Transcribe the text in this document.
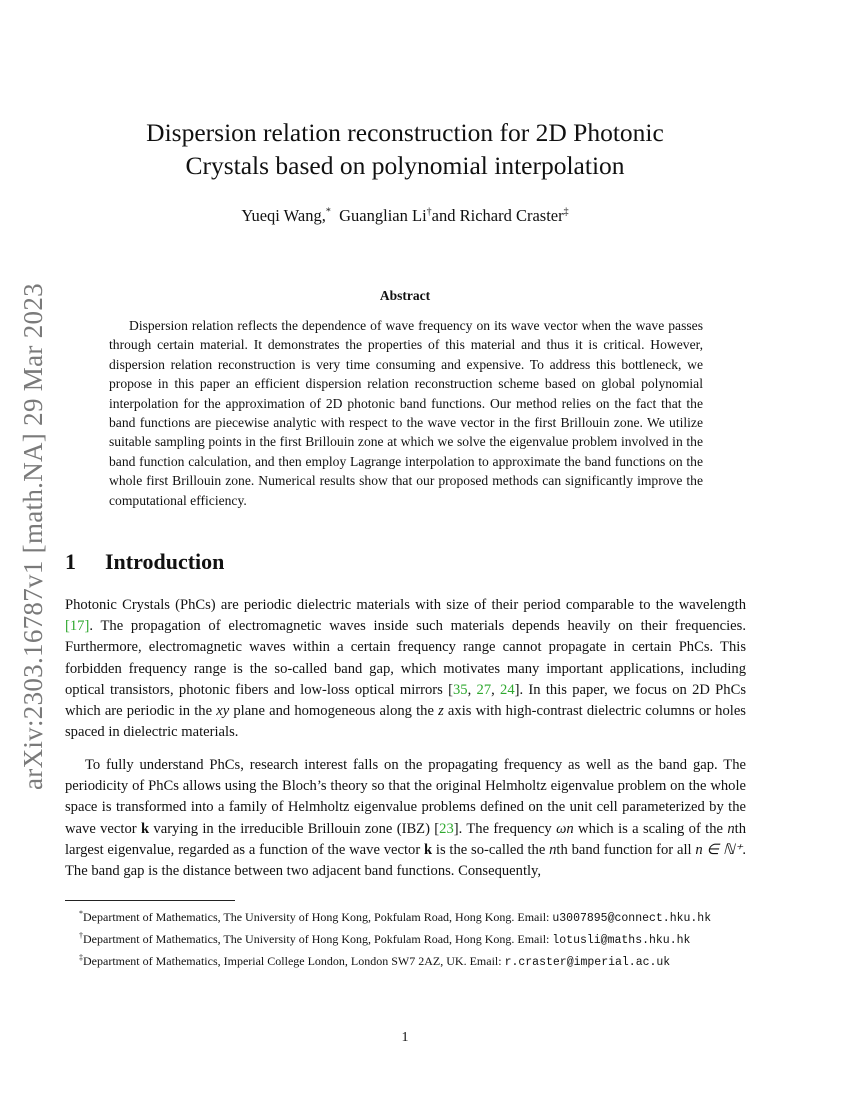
arXiv:2303.16787v1 [math.NA] 29 Mar 2023
Dispersion relation reconstruction for 2D Photonic
Crystals based on polynomial interpolation
Yueqi Wang,* Guanglian Li†and Richard Craster‡
Abstract
Dispersion relation reflects the dependence of wave frequency on its wave vector when the wave passes through certain material. It demonstrates the properties of this material and thus it is critical. However, dispersion relation reconstruction is very time consuming and expensive. To address this bottleneck, we propose in this paper an efficient dispersion relation reconstruction scheme based on global polynomial interpolation for the approximation of 2D photonic band functions. Our method relies on the fact that the band functions are piecewise analytic with respect to the wave vector in the first Brillouin zone. We utilize suitable sampling points in the first Brillouin zone at which we solve the eigenvalue problem involved in the band function calculation, and then employ Lagrange interpolation to approximate the band functions on the whole first Brillouin zone. Numerical results show that our proposed methods can significantly improve the computational efficiency.
1 Introduction
Photonic Crystals (PhCs) are periodic dielectric materials with size of their period comparable to the wavelength [17]. The propagation of electromagnetic waves inside such materials depends heavily on their frequencies. Furthermore, electromagnetic waves within a certain frequency range cannot propagate in certain PhCs. This forbidden frequency range is the so-called band gap, which motivates many important applications, including optical transistors, photonic fibers and low-loss optical mirrors [35, 27, 24]. In this paper, we focus on 2D PhCs which are periodic in the xy plane and homogeneous along the z axis with high-contrast dielectric columns or holes spaced in dielectric materials.
To fully understand PhCs, research interest falls on the propagating frequency as well as the band gap. The periodicity of PhCs allows using the Bloch’s theory so that the original Helmholtz eigenvalue problem on the whole space is transformed into a family of Helmholtz eigenvalue problems defined on the unit cell parameterized by the wave vector k varying in the irreducible Brillouin zone (IBZ) [23]. The frequency ωn which is a scaling of the nth largest eigenvalue, regarded as a function of the wave vector k is the so-called the nth band function for all n ∈ ℕ⁺. The band gap is the distance between two adjacent band functions. Consequently,
*Department of Mathematics, The University of Hong Kong, Pokfulam Road, Hong Kong. Email: u3007895@connect.hku.hk
†Department of Mathematics, The University of Hong Kong, Pokfulam Road, Hong Kong. Email: lotusli@maths.hku.hk
‡Department of Mathematics, Imperial College London, London SW7 2AZ, UK. Email: r.craster@imperial.ac.uk
1
